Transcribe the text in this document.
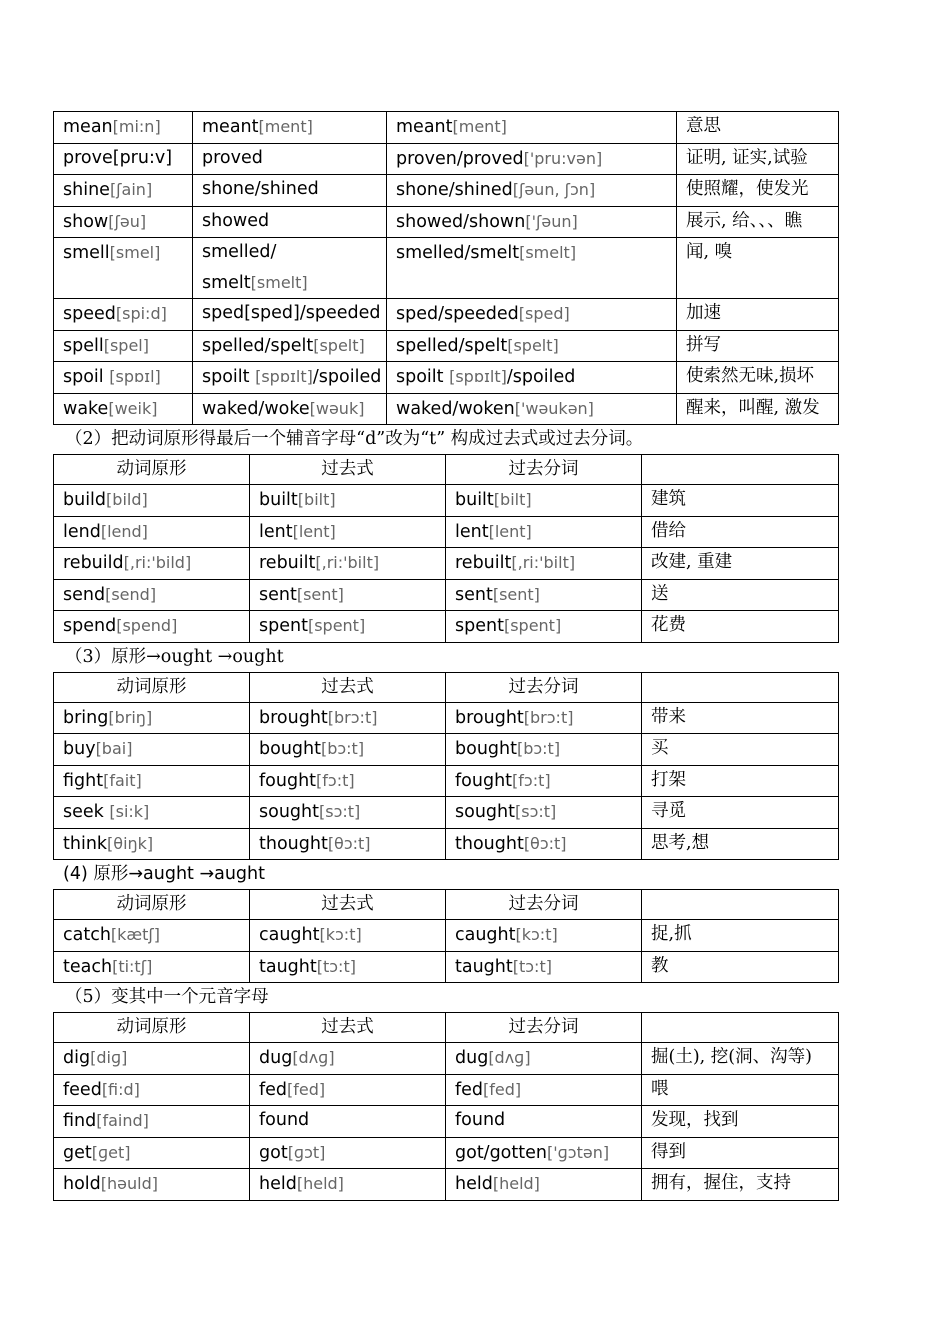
mean[mi:n]	meant[ment]	meant[ment]	意思
prove[pru:v]	proved	proven/proved['pru:vən]	证明, 证实,试验
shine[ʃain]	shone/shined	shone/shined[ʃəun, ʃɔn]	使照耀，使发光
show[ʃəu]	showed	showed/shown['ʃəun]	展示, 给、、、瞧
smell[smel]	smelled/ smelt[smelt]	smelled/smelt[smelt]	闻, 嗅
speed[spi:d]	sped[sped]/speeded	sped/speeded[sped]	加速
spell[spel]	spelled/spelt[spelt]	spelled/spelt[spelt]	拼写
spoil [spɒɪl]	spoilt [spɒɪlt]/spoiled	spoilt [spɒɪlt]/spoiled	使索然无味,损坏
wake[weik]	waked/woke[wəuk]	waked/woken['wəukən]	醒来，叫醒, 激发
（2）把动词原形得最后一个辅音字母“d”改为“t” 构成过去式或过去分词。
动词原形	过去式	过去分词	
build[bild]	built[bilt]	built[bilt]	建筑
lend[lend]	lent[lent]	lent[lent]	借给
rebuild[,ri:'bild]	rebuilt[,ri:'bilt]	rebuilt[,ri:'bilt]	改建, 重建
send[send]	sent[sent]	sent[sent]	送
spend[spend]	spent[spent]	spent[spent]	花费
（3）原形→ought →ought
动词原形	过去式	过去分词	
bring[briŋ]	brought[brɔ:t]	brought[brɔ:t]	带来
buy[bai]	bought[bɔ:t]	bought[bɔ:t]	买
fight[fait]	fought[fɔ:t]	fought[fɔ:t]	打架
seek [si:k]	sought[sɔ:t]	sought[sɔ:t]	寻觅
think[θiŋk]	thought[θɔ:t]	thought[θɔ:t]	思考,想
(4) 原形→aught →aught
动词原形	过去式	过去分词	
catch[kætʃ]	caught[kɔ:t]	caught[kɔ:t]	捉,抓
teach[ti:tʃ]	taught[tɔ:t]	taught[tɔ:t]	教
（5）变其中一个元音字母
动词原形	过去式	过去分词	
dig[diɡ]	dug[dʌɡ]	dug[dʌɡ]	掘(土), 挖(洞、沟等)
feed[fi:d]	fed[fed]	fed[fed]	喂
find[faind]	found	found	发现，找到
get[ɡet]	got[ɡɔt]	got/gotten['ɡɔtən]	得到
hold[həuld]	held[held]	held[held]	拥有，握住，支持
